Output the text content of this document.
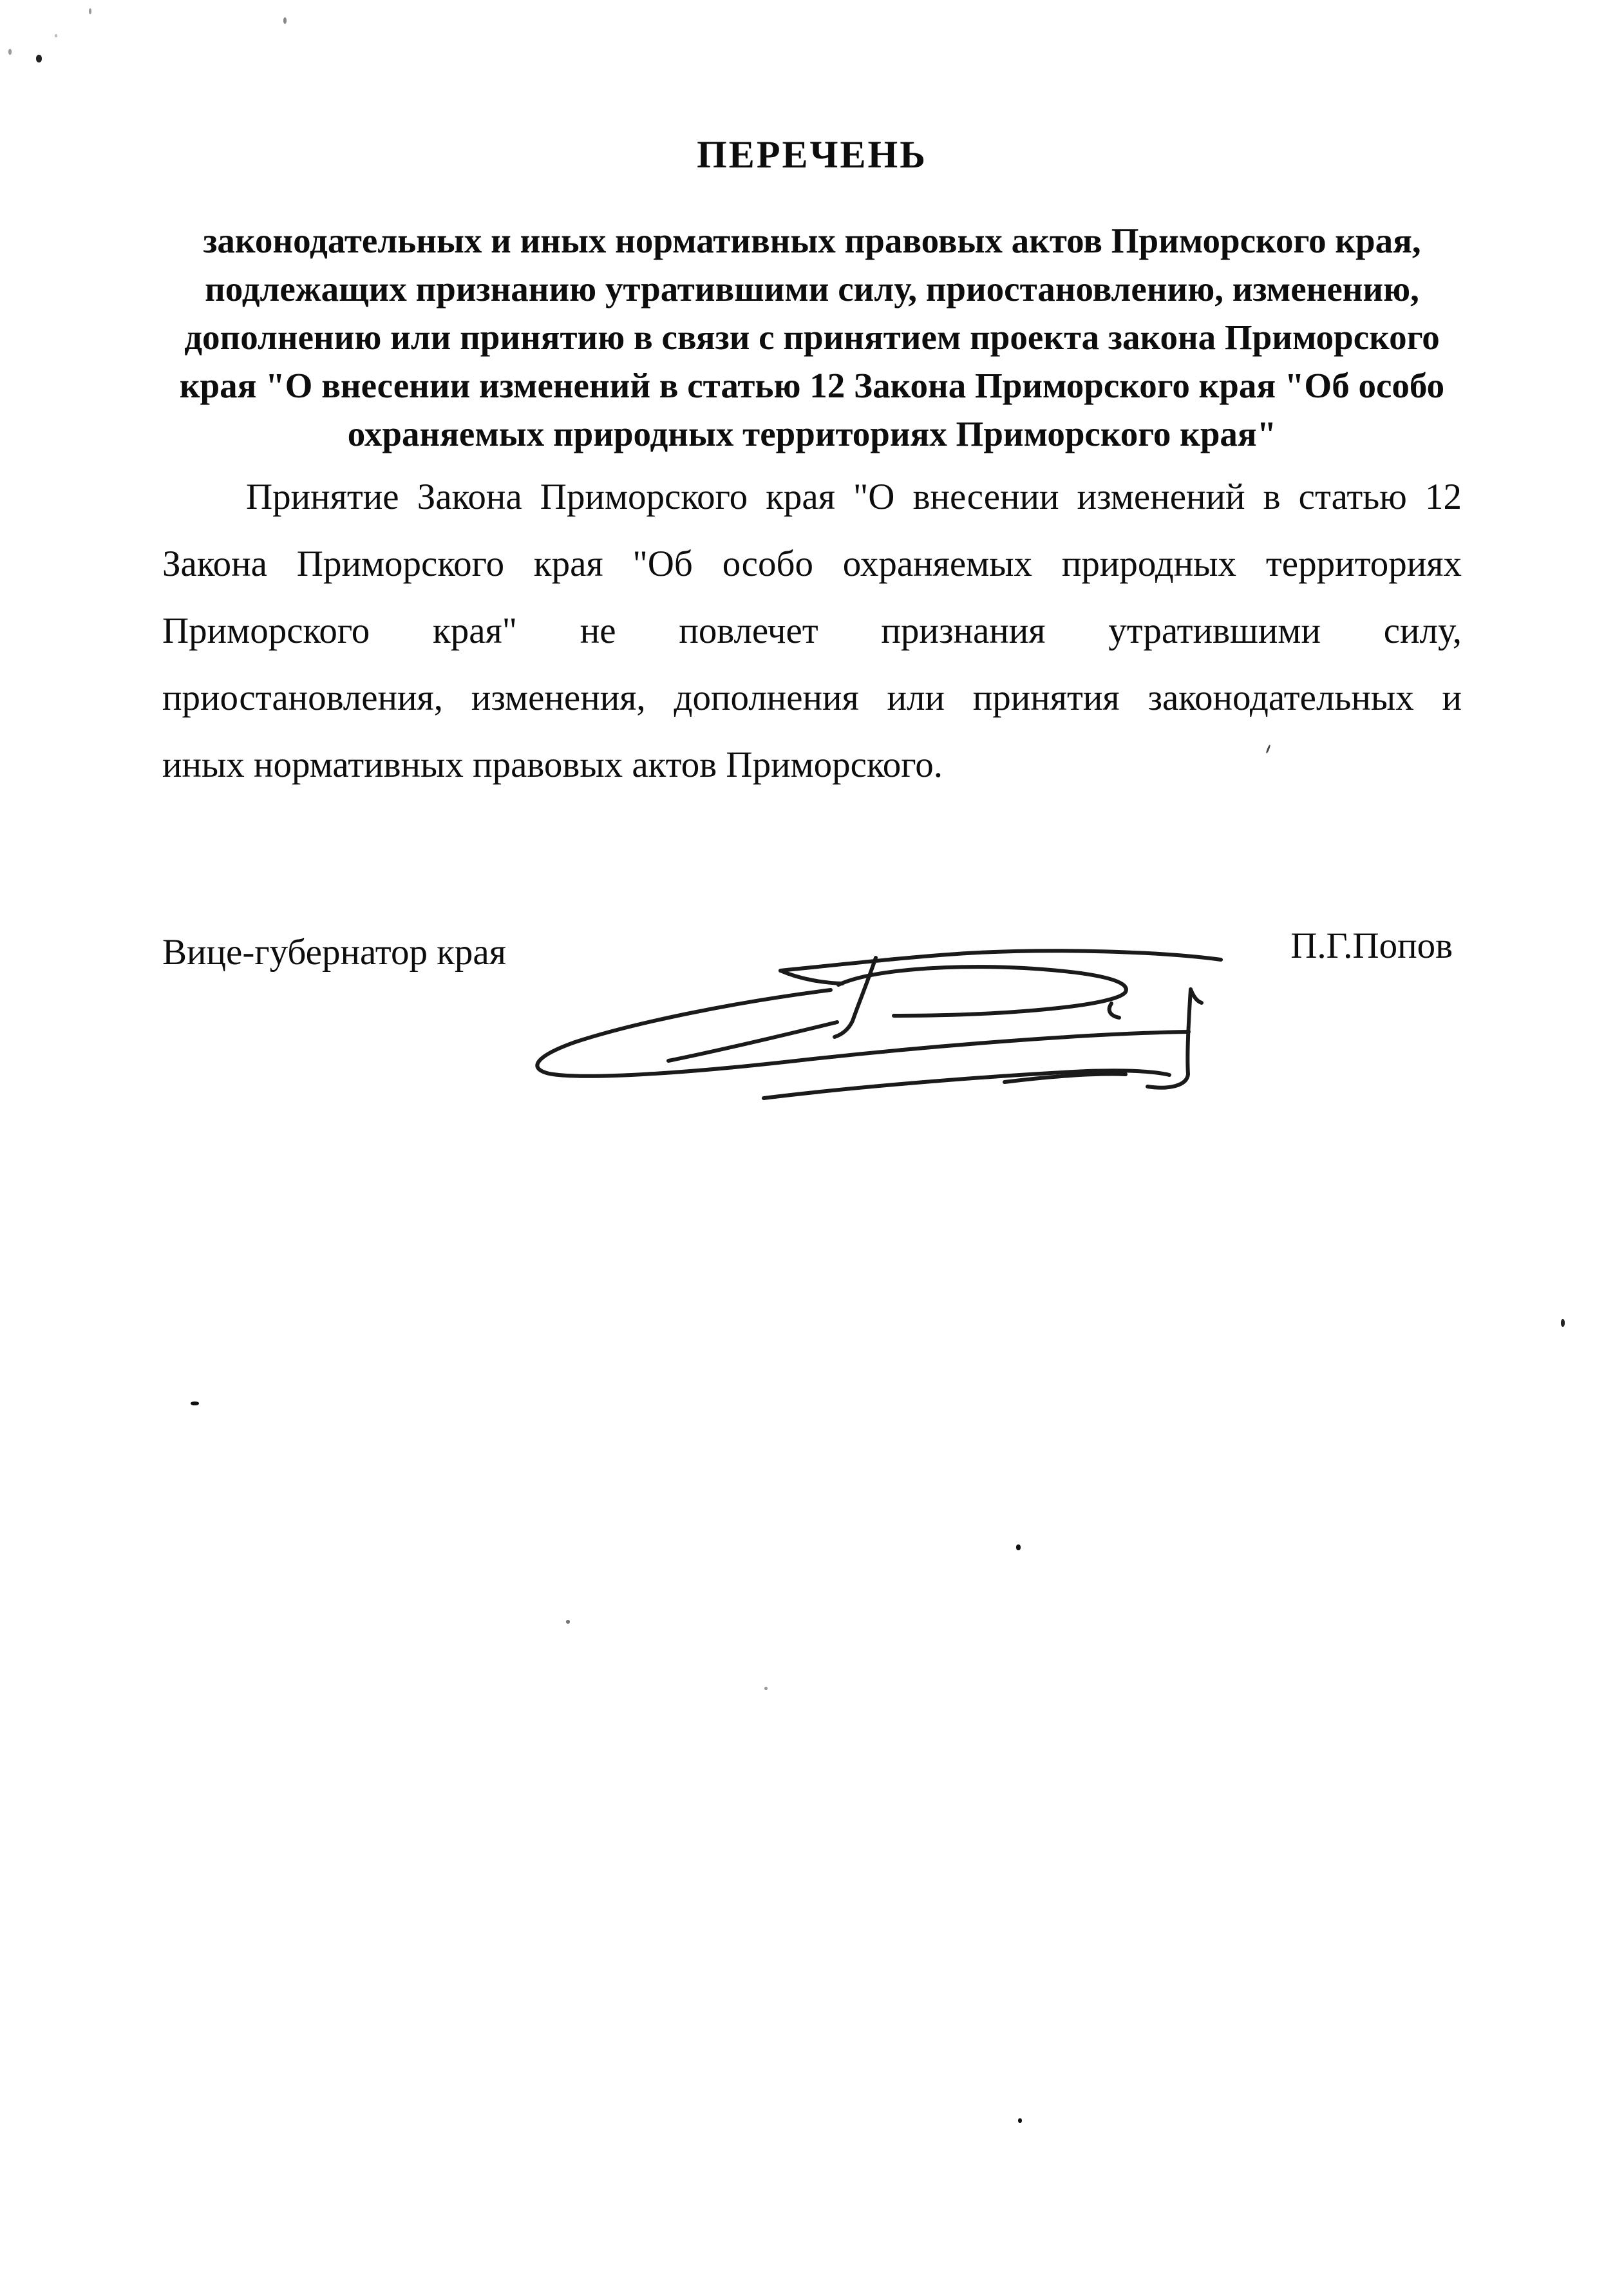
ПЕРЕЧЕНЬ
законодательных и иных нормативных правовых актов Приморского края,
подлежащих признанию утратившими силу, приостановлению, изменению,
дополнению или принятию в связи с принятием проекта закона Приморского
края "О внесении изменений в статью 12 Закона Приморского края "Об особо
охраняемых природных территориях Приморского края"
Принятие Закона Приморского края "О внесении изменений в статью 12
Закона Приморского края "Об особо охраняемых природных территориях
Приморского края" не повлечет признания утратившими силу,
приостановления, изменения, дополнения или принятия законодательных и
иных нормативных правовых актов Приморского.
Вице-губернатор края	П.Г.Попов
